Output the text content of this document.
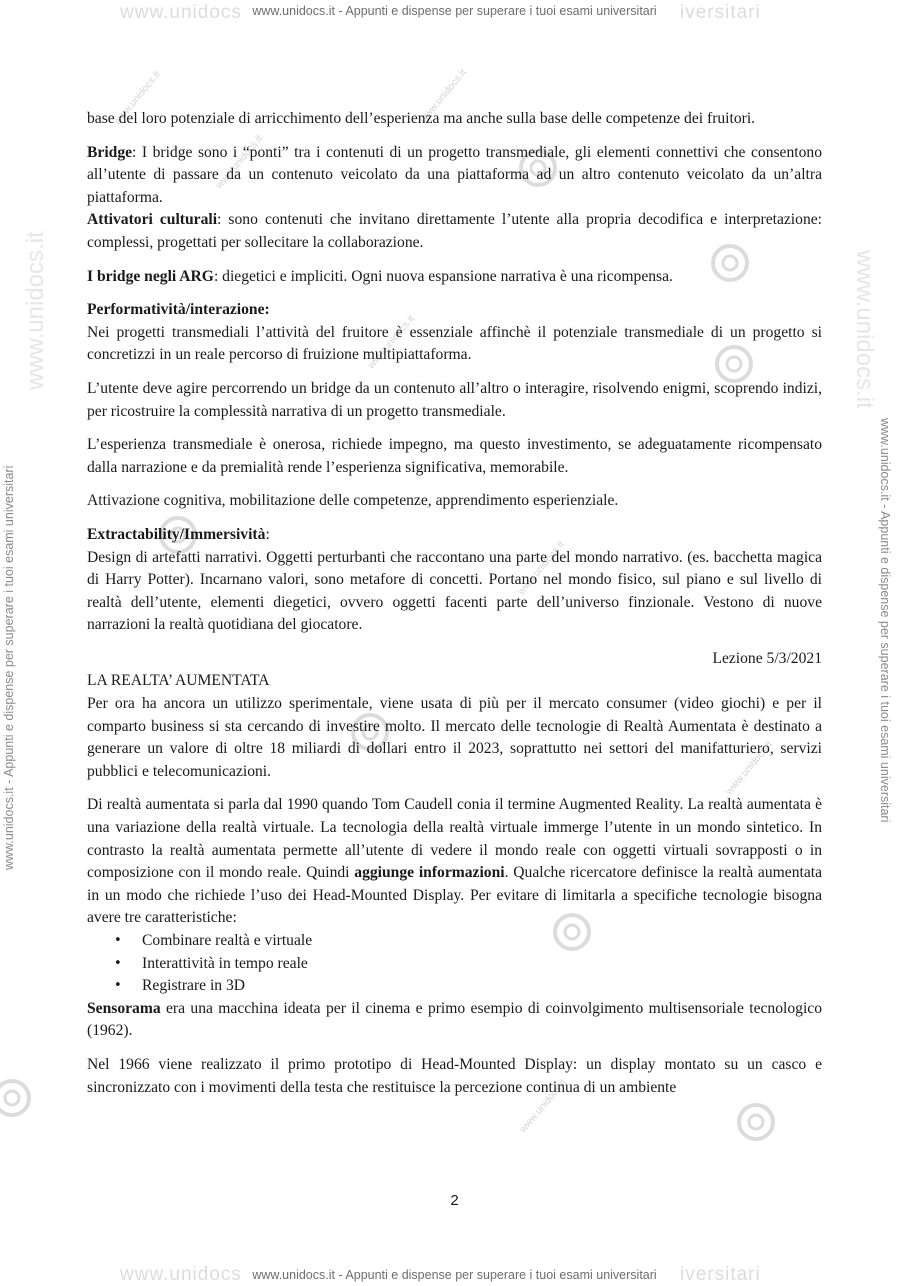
www.unidocs	iversitari
www.unidocs.it - Appunti e dispense per superare i tuoi esami universitari
www.unidocs.it - Appunti e dispense per superare i tuoi esami universitari	www.unidocs.it - Appunti e dispense per superare i tuoi esami universitari
www.unidocs.it	www.unidocs.it
www.unidocs.it	www.unidocs.it
www.unidocs.it
www.unidocs.it
www.unidocs.it
www.unidocs.it
www.unidocs.it

base del loro potenziale di arricchimento dell’esperienza ma anche sulla base delle competenze dei fruitori.

Bridge: I bridge sono i “ponti” tra i contenuti di un progetto transmediale, gli elementi connettivi che consentono all’utente di passare da un contenuto veicolato da una piattaforma ad un altro contenuto veicolato da un’altra piattaforma.

Attivatori culturali: sono contenuti che invitano direttamente l’utente alla propria decodifica e interpretazione: complessi, progettati per sollecitare la collaborazione.

I bridge negli ARG: diegetici e impliciti. Ogni nuova espansione narrativa è una ricompensa.

Performatività/interazione:

Nei progetti transmediali l’attività del fruitore è essenziale affinchè il potenziale transmediale di un progetto si concretizzi in un reale percorso di fruizione multipiattaforma.

L’utente deve agire percorrendo un bridge da un contenuto all’altro o interagire, risolvendo enigmi, scoprendo indizi, per ricostruire la complessità narrativa di un progetto transmediale.

L’esperienza transmediale è onerosa, richiede impegno, ma questo investimento, se adeguatamente ricompensato dalla narrazione e da premialità rende l’esperienza significativa, memorabile.

Attivazione cognitiva, mobilitazione delle competenze, apprendimento esperienziale.

Extractability/Immersività:

Design di artefatti narrativi. Oggetti perturbanti che raccontano una parte del mondo narrativo. (es. bacchetta magica di Harry Potter). Incarnano valori, sono metafore di concetti. Portano nel mondo fisico, sul piano e sul livello di realtà dell’utente, elementi diegetici, ovvero oggetti facenti parte dell’universo finzionale. Vestono di nuove narrazioni la realtà quotidiana del giocatore.

Lezione 5/3/2021

LA REALTA’ AUMENTATA

Per ora ha ancora un utilizzo sperimentale, viene usata di più per il mercato consumer (video giochi) e per il comparto business si sta cercando di investire molto. Il mercato delle tecnologie di Realtà Aumentata è destinato a generare un valore di oltre 18 miliardi di dollari entro il 2023, soprattutto nei settori del manifatturiero, servizi pubblici e telecomunicazioni.

Di realtà aumentata si parla dal 1990 quando Tom Caudell conia il termine Augmented Reality. La realtà aumentata è una variazione della realtà virtuale. La tecnologia della realtà virtuale immerge l’utente in un mondo sintetico. In contrasto la realtà aumentata permette all’utente di vedere il mondo reale con oggetti virtuali sovrapposti o in composizione con il mondo reale. Quindi aggiunge informazioni. Qualche ricercatore definisce la realtà aumentata in un modo che richiede l’uso dei Head-Mounted Display. Per evitare di limitarla a specifiche tecnologie bisogna avere tre caratteristiche:

• Combinare realtà e virtuale
• Interattività in tempo reale
• Registrare in 3D

Sensorama era una macchina ideata per il cinema e primo esempio di coinvolgimento multisensoriale tecnologico (1962).

Nel 1966 viene realizzato il primo prototipo di Head-Mounted Display: un display montato su un casco e sincronizzato con i movimenti della testa che restituisce la percezione continua di un ambiente

2
www.unidocs	iversitari
www.unidocs.it - Appunti e dispense per superare i tuoi esami universitari
